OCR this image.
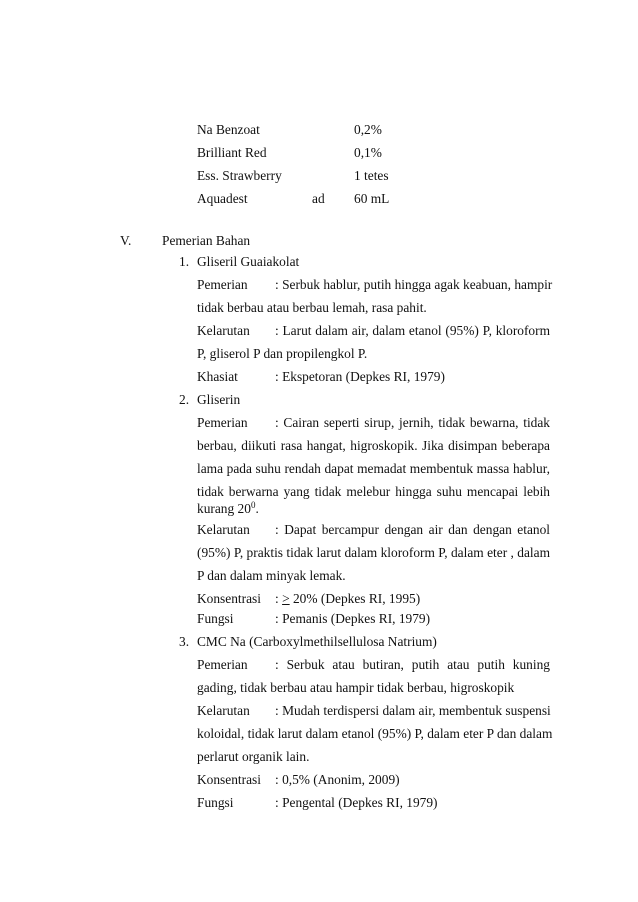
Na Benzoat	0,2%
Brilliant Red	0,1%
Ess. Strawberry	1 tetes
Aquadest	ad 60 mL
V. Pemerian Bahan
1. Gliseril Guaiakolat
Pemerian : Serbuk hablur, putih hingga agak keabuan, hampir
tidak berbau atau berbau lemah, rasa pahit.
Kelarutan : Larut dalam air, dalam etanol (95%) P, kloroform
P, gliserol P dan propilengkol P.
Khasiat	: Ekspetoran (Depkes RI, 1979)
2. Gliserin
Pemerian : Cairan seperti sirup, jernih, tidak bewarna, tidak
berbau, diikuti rasa hangat, higroskopik. Jika disimpan beberapa
lama pada suhu rendah dapat memadat membentuk massa hablur,
tidak berwarna yang tidak melebur hingga suhu mencapai lebih
kurang $20^0$.
Kelarutan : Dapat bercampur dengan air dan dengan etanol
(95%) P, praktis tidak larut dalam kloroform P, dalam eter , dalam
P dan dalam minyak lemak.
Konsentrasi : > 20% (Depkes RI, 1995)
Fungsi	: Pemanis (Depkes RI, 1979)
3. CMC Na (Carboxylmethilsellulosa Natrium)
Pemerian : Serbuk atau butiran, putih atau putih kuning
gading, tidak berbau atau hampir tidak berbau, higroskopik
Kelarutan : Mudah terdispersi dalam air, membentuk suspensi
koloidal, tidak larut dalam etanol (95%) P, dalam eter P dan dalam
perlarut organik lain.
Konsentrasi : 0,5% (Anonim, 2009)
Fungsi	: Pengental (Depkes RI, 1979)
